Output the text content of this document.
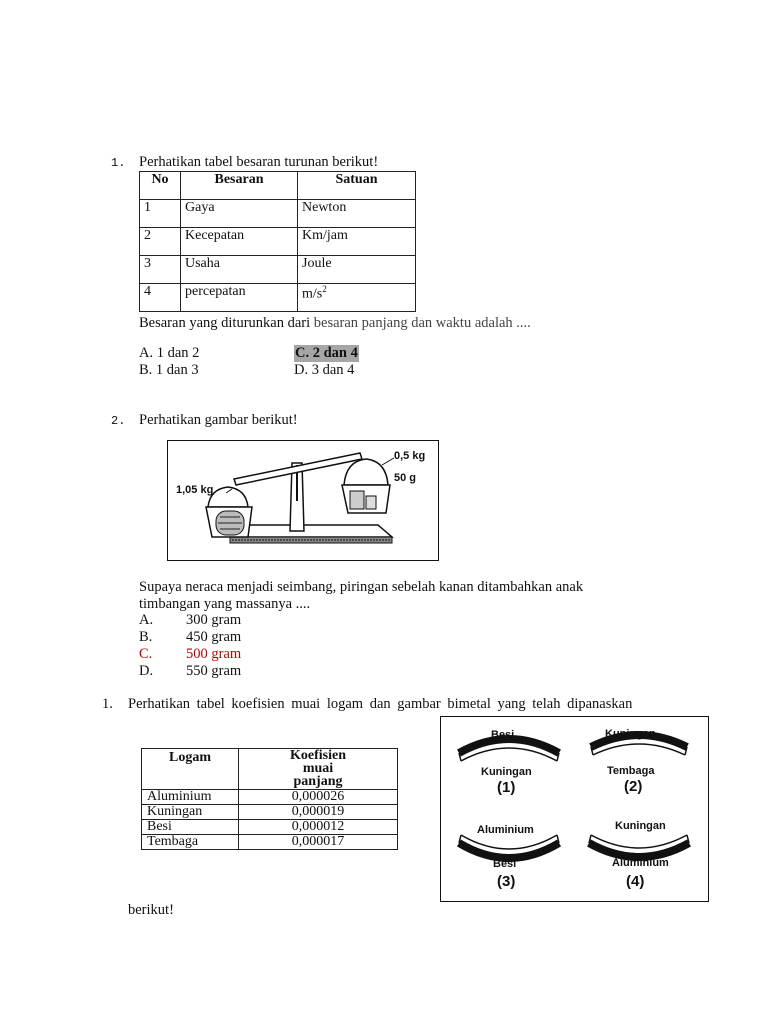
1. Perhatikan tabel besaran turunan berikut!
No	Besaran	Satuan
1	Gaya	Newton
2	Kecepatan	Km/jam
3	Usaha	Joule
4	percepatan	$m/s^2$
Besaran yang diturunkan dari besaran panjang dan waktu adalah ....
A. 1 dan 2	C. 2 dan 4
B. 1 dan 3	D. 3 dan 4
2. Perhatikan gambar berikut!
1,05 kg
0,5 kg
50 g
Supaya neraca menjadi seimbang, piringan sebelah kanan ditambahkan anak
timbangan yang massanya ....
A. 300 gram
B. 450 gram
C. 500 gram
D. 550 gram
1. Perhatikan tabel koefisien muai logam dan gambar bimetal yang telah dipanaskan
Logam	Koefisien
muai
panjang

Aluminium	0,000026
Kuningan	0,000019
Besi	0,000012
Tembaga	0,000017
Besi
Kuningan
(1)
Kuningan
Tembaga
(2)
Aluminium
Besi
(3)
Kuningan
Aluminium
(4)
berikut!
